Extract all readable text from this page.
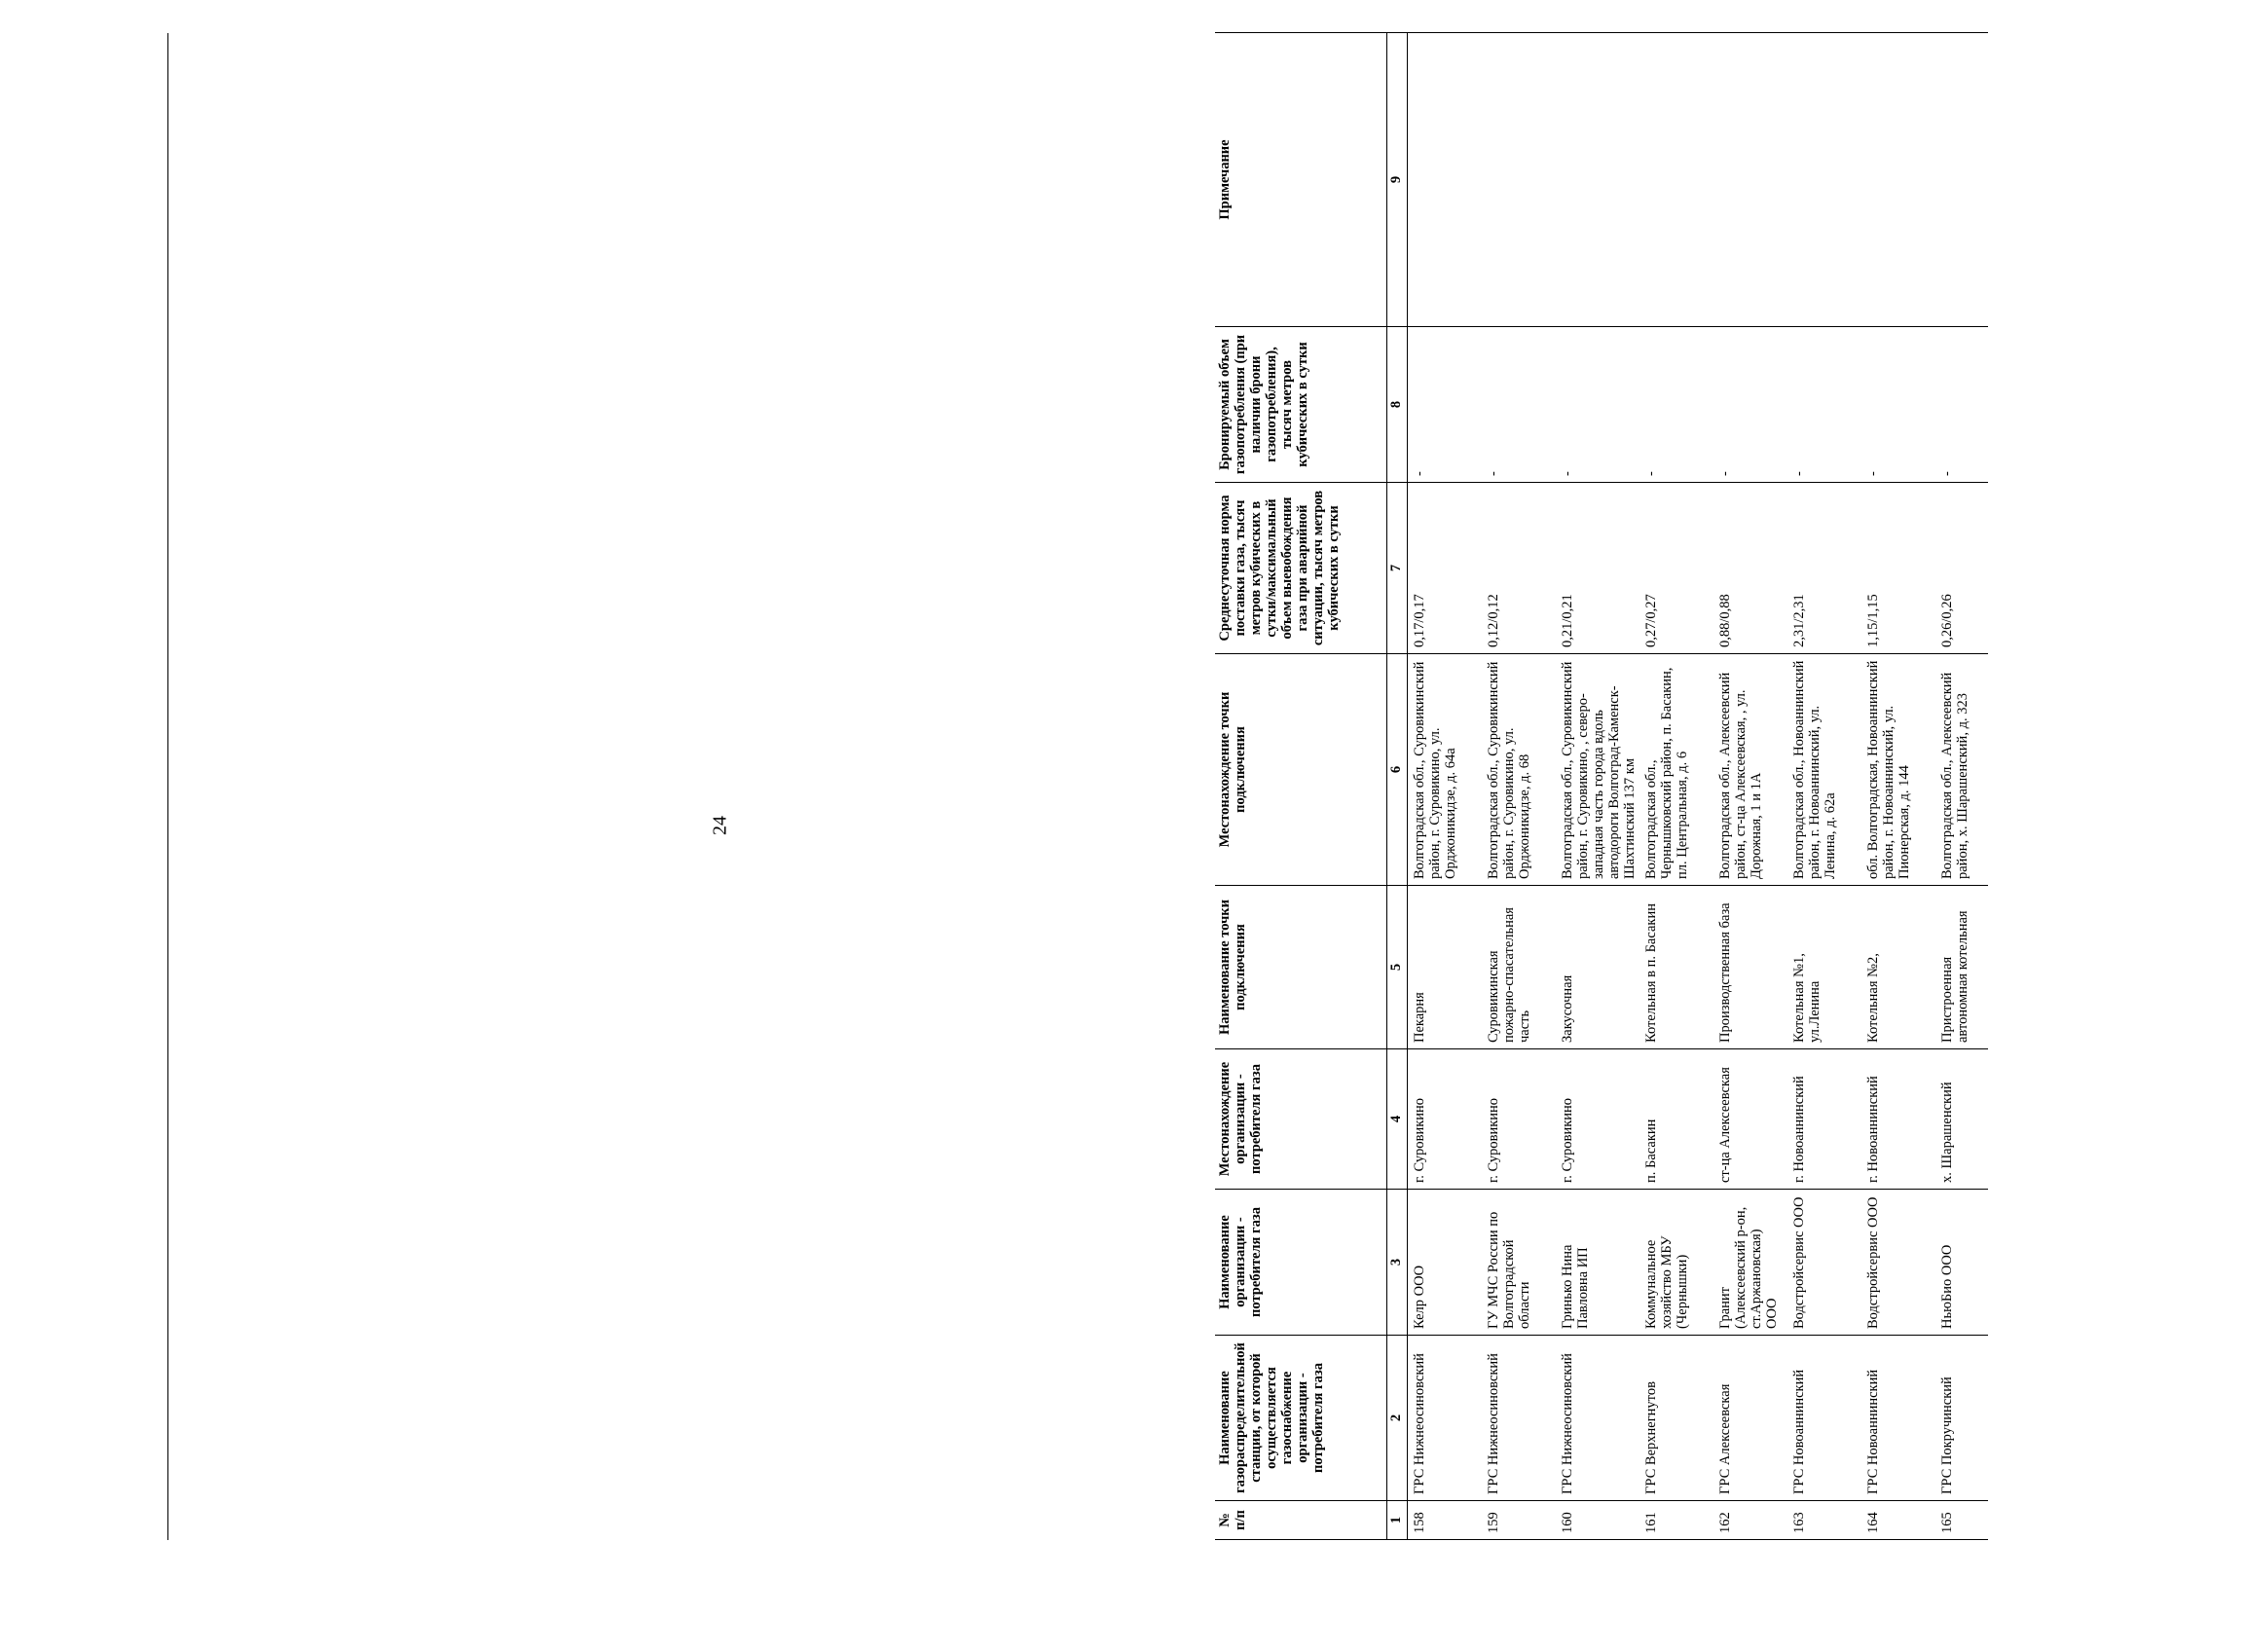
24
№ п/п	Наименование газораспределительной станции, от которой осуществляется газоснабжение организации - потребителя газа	Наименование организации - потребителя газа	Местонахождение организации - потребителя газа	Наименование точки подключения	Местонахождение точки подключения	Среднесуточная норма поставки газа, тысяч метров кубических в сутки/максимальный объем выевобождения газа при аварийной ситуации, тысяч метров кубических в сутки	Бронируемый объем газопотребления (при наличии брони газопотребления), тысяч метров кубических в сутки	Примечание
1	2	3	4	5	6	7	8	9
158	ГРС Нижнеосиновский	Келр ООО	г. Суровикино	Пекарня	Волгоградская обл., Суровикинский район, г. Суровикино, ул. Орджоникидзе, д. 64а	0,17/0,17	-	
159	ГРС Нижнеосиновский	ГУ МЧС России по Волгоградской области	г. Суровикино	Суровикинская пожарно-спасательная часть	Волгоградская обл., Суровикинский район, г. Суровикино, ул. Орджоникидзе, д. 68	0,12/0,12	-	
160	ГРС Нижнеосиновский	Гринько Нина Павловна ИП	г. Суровикино	Закусочная	Волгоградская обл., Суровикинский район, г. Суровикино, , северо-западная часть города вдоль автодороги Волгоград-Каменск-Шахтинский 137 км	0,21/0,21	-	
161	ГРС Верхнегнутов	Коммунальное хозяйство МБУ (Чернышки)	п. Басакин	Котельная в п. Басакин	Волгоградская обл., Чернышковский район, п. Басакин, пл. Центральная, д. 6	0,27/0,27	-	
162	ГРС Алексеевская	Гранит (Алексеевский р-он, ст.Аржановская) ООО	ст-ца Алексеевская	Производственная база	Волгоградская обл., Алексеевский район, ст-ца Алексеевская, , ул. Дорожная, 1 и 1А	0,88/0,88	-	
163	ГРС Новоаннинский	Водстройсервис ООО	г. Новоаннинский	Котельная №1, ул.Ленина	Волгоградская обл., Новоаннинский район, г. Новоаннинский, ул. Ленина, д. 62а	2,31/2,31	-	
164	ГРС Новоаннинский	Водстройсервис ООО	г. Новоаннинский	Котельная №2,	обл. Волгоградская, Новоаннинский район, г. Новоаннинский, ул. Пионерская, д. 144	1,15/1,15	-	
165	ГРС Покручинский	НьюБио ООО	х. Шарашенский	Пристроенная автономная котельная	Волгоградская обл., Алексеевский район, х. Шарашенский, д. 323	0,26/0,26	-	
